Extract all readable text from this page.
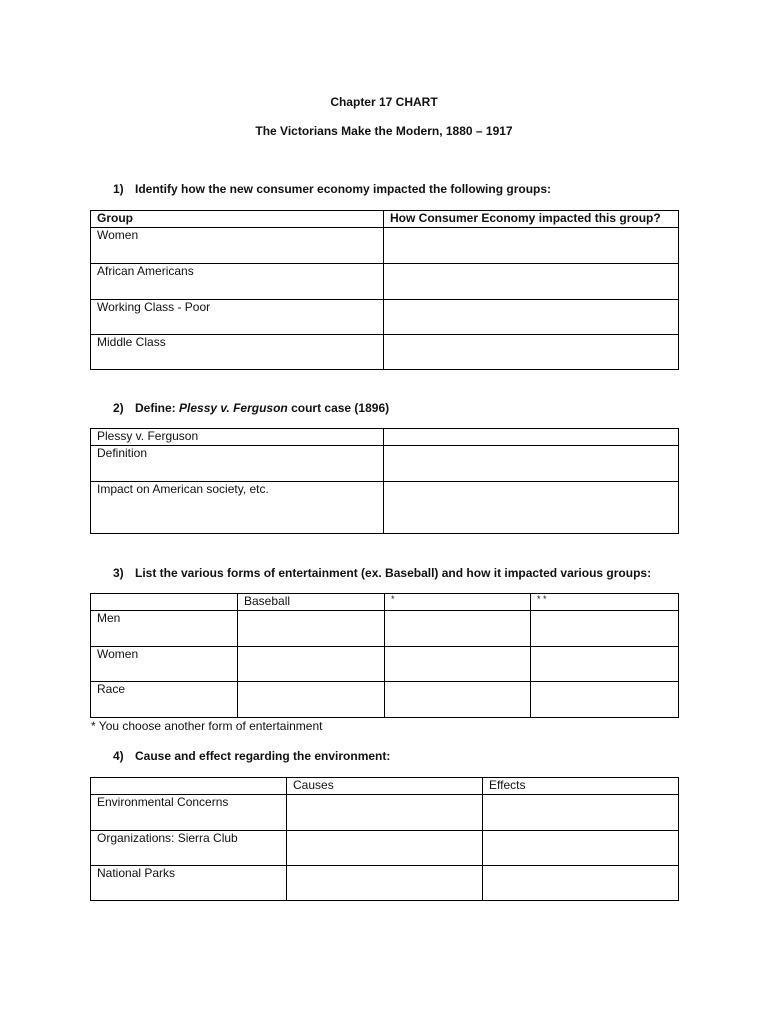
Chapter 17 CHART
The Victorians Make the Modern, 1880 – 1917
1) Identify how the new consumer economy impacted the following groups:
Group	How Consumer Economy impacted this group?
Women	
African Americans	
Working Class - Poor	
Middle Class	
2) Define: Plessy v. Ferguson court case (1896)
Plessy v. Ferguson	
Definition	
Impact on American society, etc.	
3) List the various forms of entertainment (ex. Baseball) and how it impacted various groups:
	Baseball	*	* *
Men			
Women			
Race			
* You choose another form of entertainment
4) Cause and effect regarding the environment:
	Causes	Effects
Environmental Concerns		
Organizations: Sierra Club		
National Parks		
